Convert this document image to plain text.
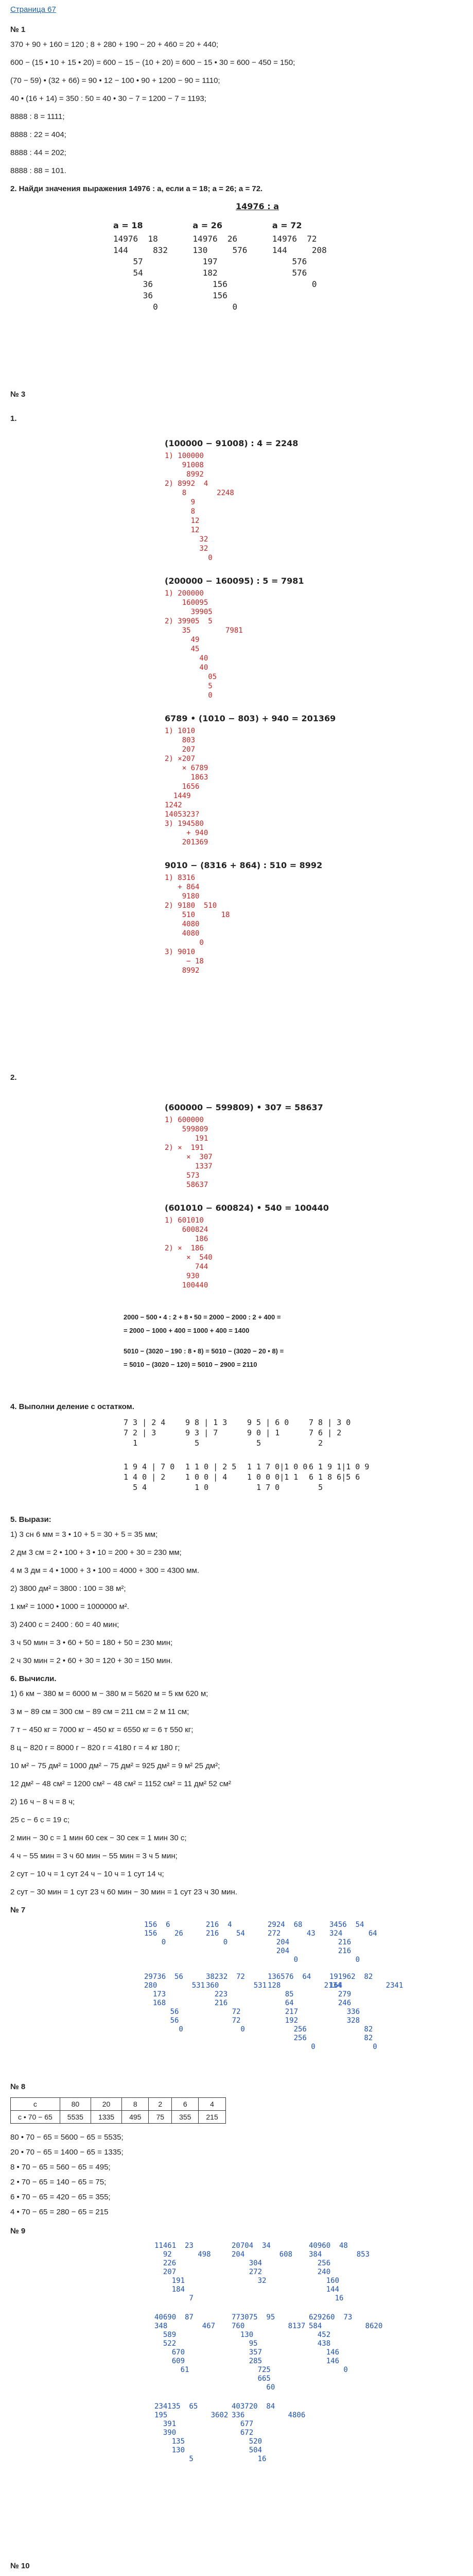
Страница 67
№ 1
370 + 90 + 160 = 120 ; 8 + 280 + 190 − 20 + 460 = 20 + 440;
600 − (15 • 10 + 15 • 20) = 600 − 15 − (10 + 20) = 600 − 15 • 30 = 600 − 450 = 150;
(70 − 59) • (32 + 66) = 90 • 12 − 100 • 90 + 1200 − 90 = 1110;
40 • (16 + 14) = 350 : 50 = 40 • 30 − 7 = 1200 − 7 = 1193;
8888 : 8 = 1111;
8888 : 22 = 404;
8888 : 44 = 202;
8888 : 88 = 101.
2. Найди значения выражения 14976 : а, если а = 18; а = 26; а = 72.
14976 : a
a = 18
14976  18
144     832
57
54
36
36
0

a = 26
14976  26
130     576
197
182
156
156
0

a = 72
14976  72
144     208
576
576
0
№ 3
1.
(100000 − 91008) : 4 = 2248
1) 100000
91008
8992
2) 8992  4
8       2248
9
8
12
12
32
32
0
(200000 − 160095) : 5 = 7981
1) 200000
160095
39905
2) 39905  5
35        7981
49
45
40
40
05
5
0
6789 • (1010 − 803) + 940 = 201369
1) 1010
803
207
2) ×207
× 6789
1863
1656
1449
1242
1405323?
3) 194580
+ 940
201369
9010 − (8316 + 864) : 510 = 8992
1) 8316
+ 864
9180
2) 9180  510
510      18
4080
4080
0
3) 9010
− 18
8992
2.
(600000 − 599809) • 307 = 58637
1) 600000
599809
191
2) ×  191
×  307
1337
573
58637
(601010 − 600824) • 540 = 100440
1) 601010
600824
186
2) ×  186
×  540
744
930
100440
2000 − 500 • 4 : 2 + 8 • 50 = 2000 − 2000 : 2 + 400 =
= 2000 − 1000 + 400 = 1000 + 400 = 1400
5010 − (3020 − 190 : 8 • 8) = 5010 − (3020 − 20 • 8) =
= 5010 − (3020 − 120) = 5010 − 2900 = 2110
4. Выполни деление с остатком.
7 3 | 2 4
7 2 | 3
1
9 8 | 1 3
9 3 | 7
5
9 5 | 6 0
9 0 | 1
5
7 8 | 3 0
7 6 | 2
2
1 9 4 | 7 0
1 4 0 | 2
5 4
1 1 0 | 2 5
1 0 0 | 4
1 0
1 1 7 0|1 0 0
1 0 0 0|1 1
1 7 0
6 1 9 1|1 0 9
6 1 8 6|5 6
5
5. Вырази:
1) 3 сн 6 мм = 3 • 10 + 5 = 30 + 5 = 35 мм;
2 дм 3 см = 2 • 100 + 3 • 10 = 200 + 30 = 230 мм;
4 м 3 дм = 4 • 1000 + 3 • 100 = 4000 + 300 = 4300 мм.
2) 3800 дм² = 3800 : 100 = 38 м²;
1 км² = 1000 • 1000 = 1000000 м².
3) 2400 с = 2400 : 60 = 40 мин;
3 ч 50 мин = 3 • 60 + 50 = 180 + 50 = 230 мин;
2 ч 30 мин = 2 • 60 + 30 = 120 + 30 = 150 мин.
6. Вычисли.
1) 6 км − 380 м = 6000 м − 380 м = 5620 м = 5 км 620 м;
3 м − 89 см = 300 см − 89 см = 211 см = 2 м 11 см;
7 т − 450 кг = 7000 кг − 450 кг = 6550 кг = 6 т 550 кг;
8 ц − 820 г = 8000 г − 820 г = 4180 г = 4 кг 180 г;
10 м² − 75 дм² = 1000 дм² − 75 дм² = 925 дм² = 9 м² 25 дм²;
12 дм² − 48 см² = 1200 см² − 48 см² = 1152 см² = 11 дм² 52 см²
2) 16 ч − 8 ч = 8 ч;
25 с − 6 с = 19 с;
2 мин − 30 с = 1 мин 60 сек − 30 сек = 1 мин 30 с;
4 ч − 55 мин = 3 ч 60 мин − 55 мин = 3 ч 5 мин;
2 сут − 10 ч = 1 сут 24 ч − 10 ч = 1 сут 14 ч;
2 сут − 30 мин = 1 сут 23 ч 60 мин − 30 мин = 1 сут 23 ч 30 мин.
№ 7
156  6
156    26
0
216  4
216    54
0
2924  68
272      43
204
204
0
3456  54
324      64
216
216
0
29736  56
280        531
173
168
56
56
0
38232  72
360        531
223
216
72
72
0
136576  64
128          2134
85
64
217
192
256
256
0
191962  82
164          2341
279
246
336
328
82
82
0
№ 8
c	80	20	8	2	6	4
с • 70 − 65	5535	1335	495	75	355	215
80 • 70 − 65 = 5600 − 65 = 5535;
20 • 70 − 65 = 1400 − 65 = 1335;
8 • 70 − 65 = 560 − 65 = 495;
2 • 70 − 65 = 140 − 65 = 75;
6 • 70 − 65 = 420 − 65 = 355;
4 • 70 − 65 = 280 − 65 = 215
№ 9
11461  23
92      498
226
207
191
184
7
20704  34
204        608
304
272
32
40960  48
384        853
256
240
160
144
16
40690  87
348        467
589
522
670
609
61
773075  95
760          8137
130
95
357
285
725
665
60
629260  73
584          8620
452
438
146
146
0
234135  65
195          3602
391
390
135
130
5
403720  84
336          4806
677
672
520
504
16
№ 10
